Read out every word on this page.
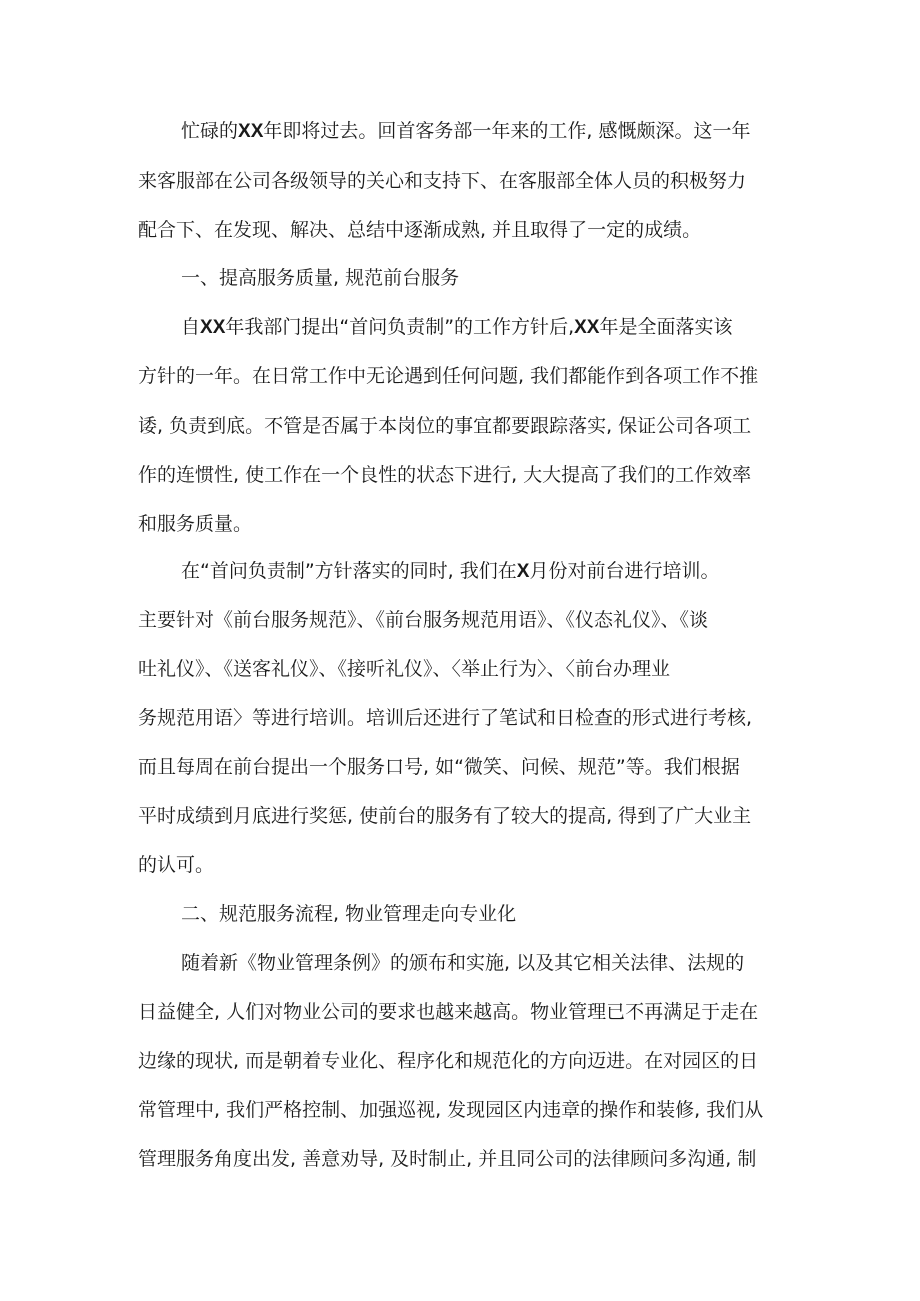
忙碌的XX年即将过去。回首客务部一年来的工作, 感慨颇深。这一年
来客服部在公司各级领导的关心和支持下、在客服部全体人员的积极努力
配合下、在发现、解决、总结中逐渐成熟, 并且取得了一定的成绩。
一、提高服务质量, 规范前台服务
自XX年我部门提出“首问负责制”的工作方针后,XX年是全面落实该
方针的一年。在日常工作中无论遇到任何问题, 我们都能作到各项工作不推
诿, 负责到底。不管是否属于本岗位的事宜都要跟踪落实, 保证公司各项工
作的连惯性, 使工作在一个良性的状态下进行, 大大提高了我们的工作效率
和服务质量。
在“首问负责制”方针落实的同时, 我们在X月份对前台进行培训。
主要针对《前台服务规范》、《前台服务规范用语》、《仪态礼仪》、《谈
吐礼仪》、《送客礼仪》、《接听礼仪》、〈举止行为〉、〈前台办理业
务规范用语〉等进行培训。培训后还进行了笔试和日检查的形式进行考核,
而且每周在前台提出一个服务口号, 如“微笑、问候、规范”等。我们根据
平时成绩到月底进行奖惩, 使前台的服务有了较大的提高, 得到了广大业主
的认可。
二、规范服务流程, 物业管理走向专业化
随着新《物业管理条例》的颁布和实施, 以及其它相关法律、法规的
日益健全, 人们对物业公司的要求也越来越高。物业管理已不再满足于走在
边缘的现状, 而是朝着专业化、程序化和规范化的方向迈进。在对园区的日
常管理中, 我们严格控制、加强巡视, 发现园区内违章的操作和装修, 我们从
管理服务角度出发, 善意劝导, 及时制止, 并且同公司的法律顾问多沟通, 制
